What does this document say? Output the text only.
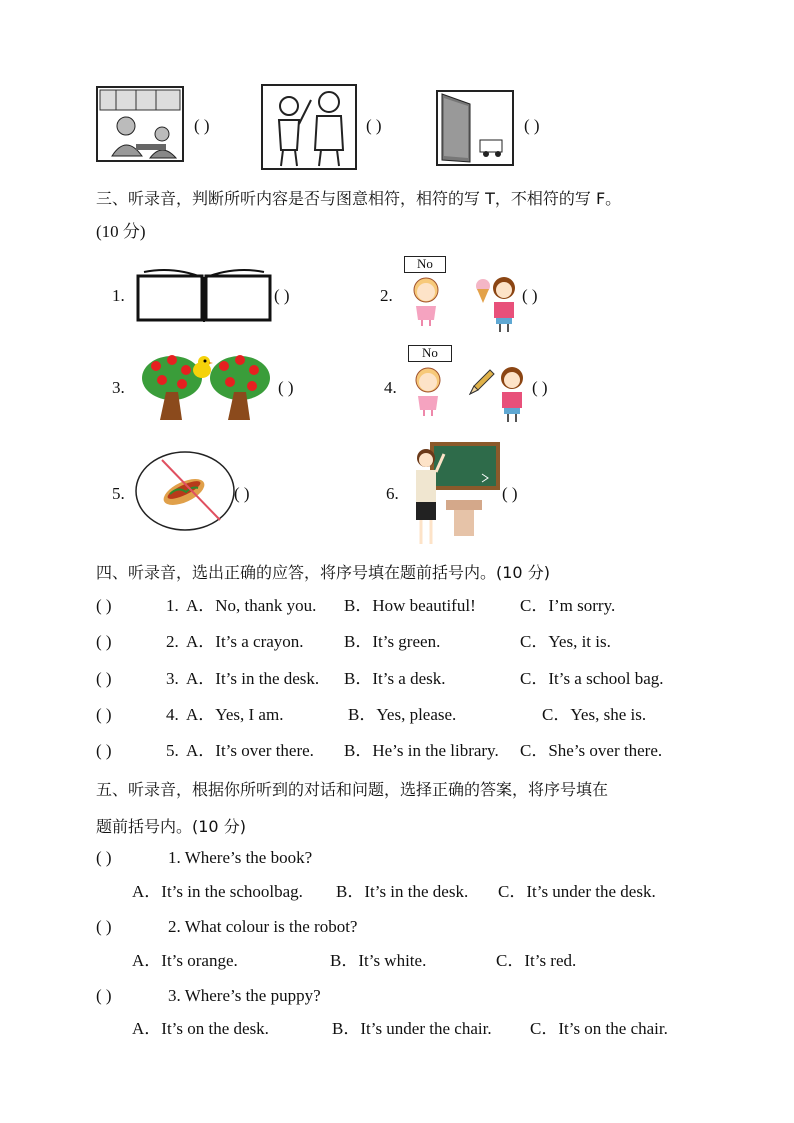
( )	( )	( )
三、听录音，判断所听内容是否与图意相符，相符的写 T，不相符的写 F。
(10 分)
1.	( )	2.
No
( )
3.	( )	4.
No
( )
5.	( )	6.	( )
四、听录音，选出正确的应答，将序号填在题前括号内。(10 分)
( )	1. A．No, thank you. B．How beautiful!	C．I’m sorry.
( )	2. A．It’s a crayon. B．It’s green.	C．Yes, it is.
( )	3. A．It’s in the desk. B．It’s a desk.	C．It’s a school bag.
( )	4. A．Yes, I am.	B．Yes, please.	C．Yes, she is.
( )	5. A．It’s over there. B．He’s in the library. C．She’s over there.
五、听录音，根据你所听到的对话和问题，选择正确的答案，将序号填在
题前括号内。(10 分)
( )	1. Where’s the book?
A．It’s in the schoolbag. B．It’s in the desk. C．It’s under the desk.
( )	2. What colour is the robot?
A．It’s orange.	B．It’s white.	C．It’s red.
( )	3. Where’s the puppy?
A．It’s on the desk.	B．It’s under the chair. C．It’s on the chair.
